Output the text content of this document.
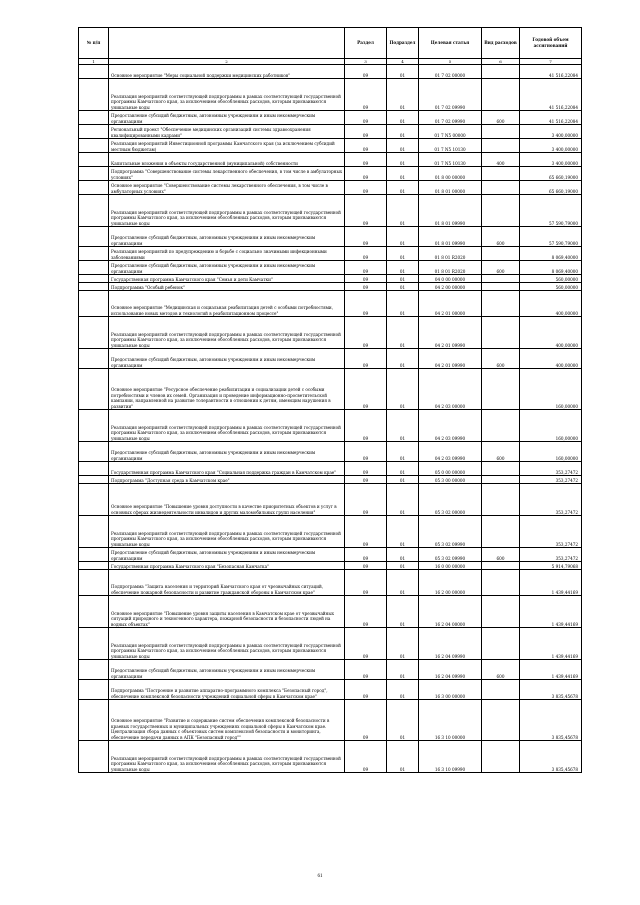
№ п/п		Раздел	Подраздел	Целевая статья	Вид расходов	Годовой объем ассигнований
1	2	3	4	5	6	7
	Основное мероприятие "Меры социальной поддержки медицинских работников"	09	01	01 7 02 00000		41 516,22084
	Реализация мероприятий соответствующей подпрограммы в рамках соответствующей государственной программы Камчатского края, за исключением обособленных расходов, которым присваиваются уникальные коды	09	01	01 7 02 09990		41 516,22084
	Предоставление субсидий бюджетным, автономным учреждениям и иным некоммерческим организациям	09	01	01 7 02 09990	600	41 516,22084
	Региональный проект "Обеспечение медицинских организаций системы здравоохранения квалифицированными кадрами"	09	01	01 7 N5 00000		3 400,00000
	Реализация мероприятий Инвестиционной программы Камчатского края (за исключением субсидий местным бюджетам)	09	01	01 7 N5 10130		3 400,00000
	Капитальные вложения в объекты государственной (муниципальной) собственности	09	01	01 7 N5 10130	400	3 400,00000
	Подпрограмма "Совершенствование системы лекарственного обеспечения, в том числе в амбулаторных условиях"	09	01	01 8 00 00000		65 660,19000
	Основное мероприятие "Совершенствование системы лекарственного обеспечения, в том числе в амбулаторных условиях"	09	01	01 8 01 00000		65 660,19000
	Реализация мероприятий соответствующей подпрограммы в рамках соответствующей государственной программы Камчатского края, за исключением обособленных расходов, которым присваиваются уникальные коды	09	01	01 8 01 09990		57 590,79000
	Предоставление субсидий бюджетным, автономным учреждениям и иным некоммерческим организациям	09	01	01 8 01 09990	600	57 590,79000
	Реализация мероприятий по предупреждению и борьбе с социально значимыми инфекционными заболеваниями	09	01	01 8 01 R2020		8 069,40000
	Предоставление субсидий бюджетным, автономным учреждениям и иным некоммерческим организациям	09	01	01 8 01 R2020	600	8 069,40000
	Государственная программа Камчатского края "Семья и дети Камчатки"	09	01	04 0 00 00000		560,00000
	Подпрограмма "Особый ребенок"	09	01	04 2 00 00000		560,00000
	Основное мероприятие "Медицинская и социальная реабилитация детей с особыми потребностями, использование новых методов и технологий в реабилитационном процессе"	09	01	04 2 01 00000		400,00000
	Реализация мероприятий соответствующей подпрограммы в рамках соответствующей государственной программы Камчатского края, за исключением обособленных расходов, которым присваиваются уникальные коды	09	01	04 2 01 09990		400,00000
	Предоставление субсидий бюджетным, автономным учреждениям и иным некоммерческим организациям	09	01	04 2 01 09990	600	400,00000
	Основное мероприятие "Ресурсное обеспечение реабилитации и социализации детей с особыми потребностями и членов их семей. Организация и проведение информационно-просветительской кампании, направленной на развитие толерантности в отношении к детям, имеющим нарушения в развитии"	09	01	04 2 03 00000		160,00000
	Реализация мероприятий соответствующей подпрограммы в рамках соответствующей государственной программы Камчатского края, за исключением обособленных расходов, которым присваиваются уникальные коды	09	01	04 2 03 09990		160,00000
	Предоставление субсидий бюджетным, автономным учреждениям и иным некоммерческим организациям	09	01	04 2 03 09990	600	160,00000
	Государственная программа Камчатского края "Социальная поддержка граждан в Камчатском крае"	09	01	05 0 00 00000		353,27472
	Подпрограмма "Доступная среда в Камчатском крае"	09	01	05 3 00 00000		353,27472
	Основное мероприятие "Повышение уровня доступности в качестве приоритетных объектов и услуг в основных сферах жизнедеятельности инвалидов и других маломобильных групп населения"	09	01	05 3 02 00000		353,27472
	Реализация мероприятий соответствующей подпрограммы в рамках соответствующей государственной программы Камчатского края, за исключением обособленных расходов, которым присваиваются уникальные коды	09	01	05 3 02 09990		353,27472
	Предоставление субсидий бюджетным, автономным учреждениям и иным некоммерческим организациям	09	01	05 3 02 09990	600	353,27472
	Государственная программа Камчатского края "Безопасная Камчатка"	09	01	16 0 00 00000		5 914,79068
	Подпрограмма "Защита населения и территорий Камчатского края от чрезвычайных ситуаций, обеспечение пожарной безопасности и развитие гражданской обороны в Камчатском крае"	09	01	16 2 00 00000		1 439,44169
	Основное мероприятие "Повышение уровня защиты населения в Камчатском крае от чрезвычайных ситуаций природного и техногенного характера, пожарной безопасности и безопасности людей на водных объектах"	09	01	16 2 04 00000		1 439,44169
	Реализация мероприятий соответствующей подпрограммы в рамках соответствующей государственной программы Камчатского края, за исключением обособленных расходов, которым присваиваются уникальные коды	09	01	16 2 04 09990		1 439,44169
	Предоставление субсидий бюджетным, автономным учреждениям и иным некоммерческим организациям	09	01	16 2 04 09990	600	1 439,44169
	Подпрограмма "Построение и развитие аппаратно-программного комплекса "Безопасный город", обеспечение комплексной безопасности учреждений социальной сферы в Камчатском крае"	09	01	16 3 00 00000		3 835,45678
	Основное мероприятие "Развитие и содержание систем обеспечения комплексной безопасности в краевых государственных и муниципальных учреждениях социальной сферы в Камчатском крае. Централизация сбора данных с объектовых систем комплексной безопасности и мониторинга, обеспечение передачи данных в АПК "Безопасный город""	09	01	16 3 10 00000		3 835,45678
	Реализация мероприятий соответствующей подпрограммы в рамках соответствующей государственной программы Камчатского края, за исключением обособленных расходов, которым присваиваются уникальные коды	09	01	16 3 10 09990		3 835,45678
61
